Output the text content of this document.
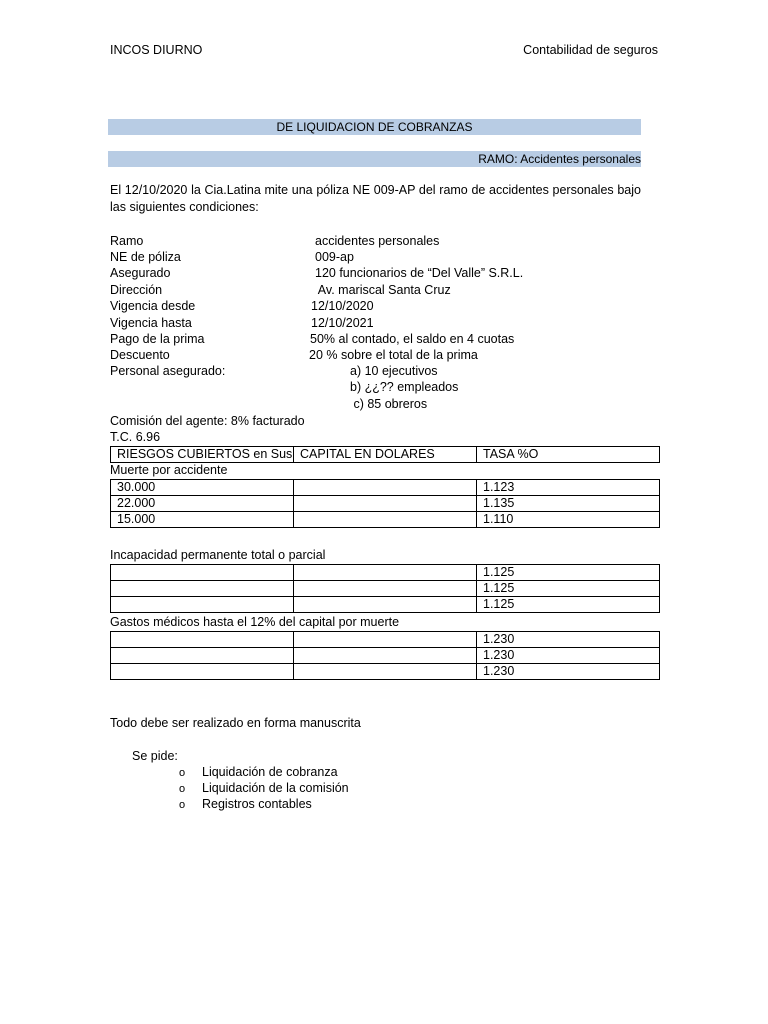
INCOS DIURNO	Contabilidad de seguros
DE LIQUIDACION DE COBRANZAS
RAMO: Accidentes personales
El 12/10/2020 la Cia.Latina mite una póliza NE 009-AP del ramo de accidentes personales bajo las siguientes condiciones:
Ramo	accidentes personales
NE de póliza	009-ap
Asegurado	120 funcionarios de “Del Valle” S.R.L.
Dirección	Av. mariscal Santa Cruz
Vigencia desde	12/10/2020
Vigencia hasta	12/10/2021
Pago de la prima	50% al contado, el saldo en 4 cuotas
Descuento	20 % sobre el total de la prima
Personal asegurado:	a) 10 ejecutivos
b) ¿¿?? empleados
c) 85 obreros
Comisión del agente: 8% facturado
T.C. 6.96
RIESGOS CUBIERTOS en Sus	CAPITAL EN DOLARES	TASA %O
Muerte por accidente
30.000		1.123
22.000		1.135
15.000		1.110
Incapacidad permanente total o parcial
		1.125
		1.125
		1.125
Gastos médicos hasta el 12% del capital por muerte
		1.230
		1.230
		1.230
Todo debe ser realizado en forma manuscrita
Se pide:
o Liquidación de cobranza
o Liquidación de la comisión
o Registros contables
